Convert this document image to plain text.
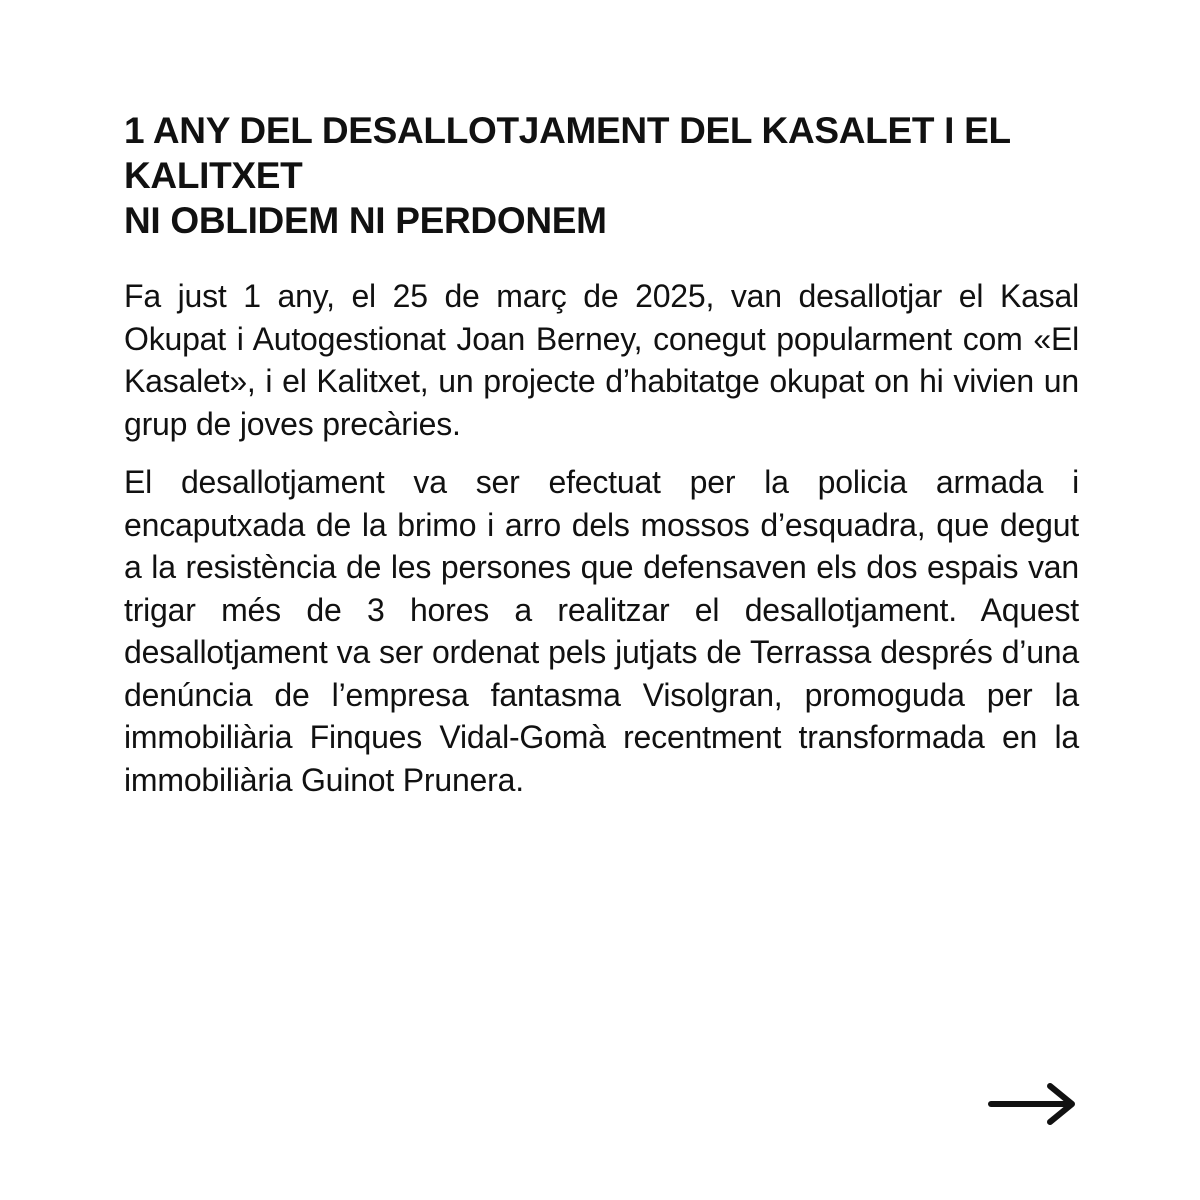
1 ANY DEL DESALLOTJAMENT DEL KASALET I EL KALITXET
NI OBLIDEM NI PERDONEM

Fa just 1 any, el 25 de març de 2025, van desallotjar el Kasal Okupat i Autogestionat Joan Berney, conegut popularment com «El Kasalet», i el Kalitxet, un projecte d’habitatge okupat on hi vivien un grup de joves precàries.

El desallotjament va ser efectuat per la policia armada i encaputxada de la brimo i arro dels mossos d’esquadra, que degut a la resistència de les persones que defensaven els dos espais van trigar més de 3 hores a realitzar el desallotjament. Aquest desallotjament va ser ordenat pels jutjats de Terrassa després d’una denúncia de l’empresa fantasma Visolgran, promoguda per la immobiliària Finques Vidal-Gomà recentment transformada en la immobiliària Guinot Prunera.
